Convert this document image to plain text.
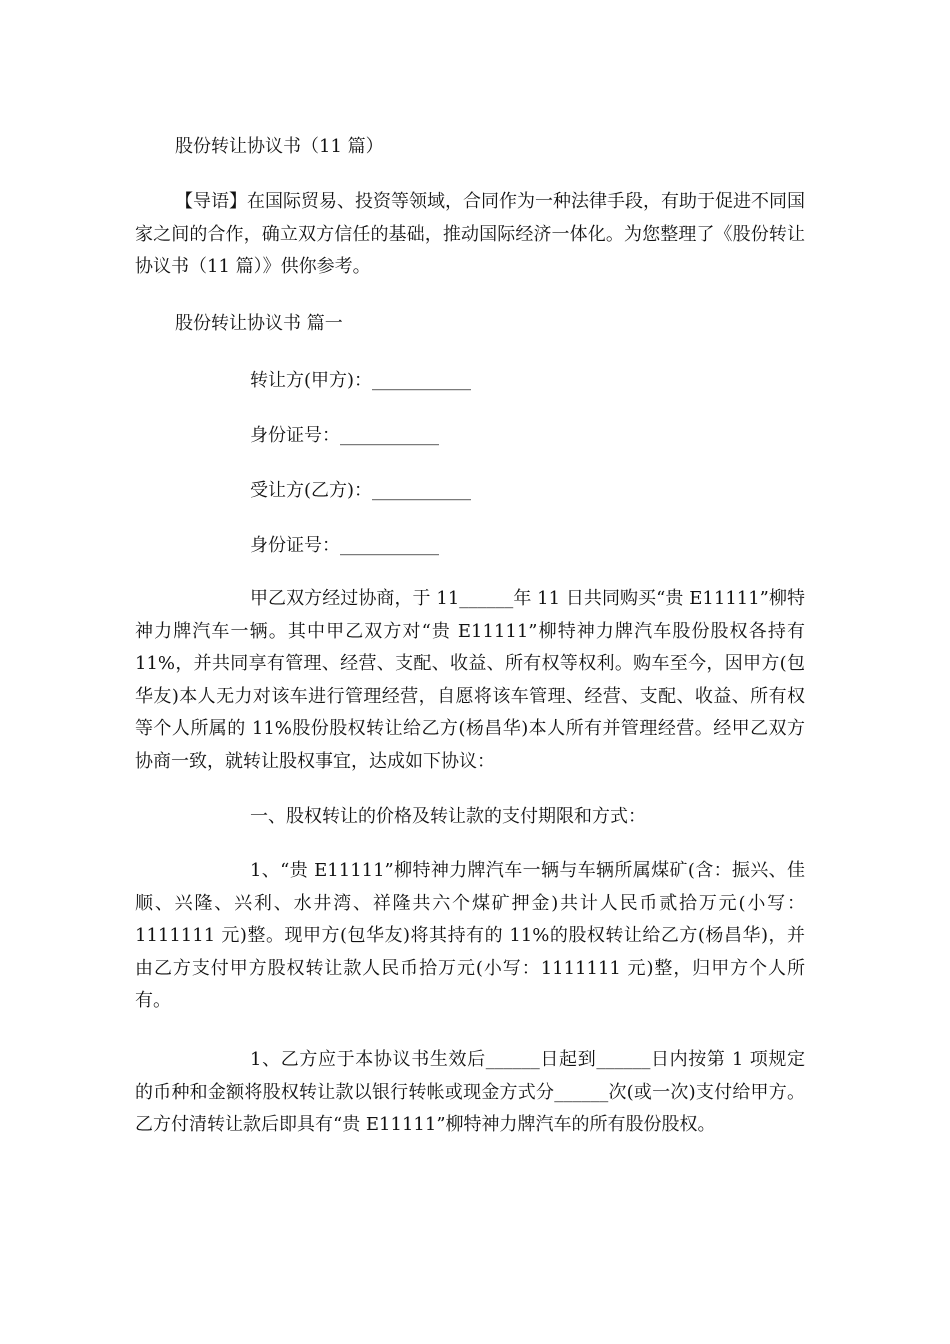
股份转让协议书（11 篇）

【导语】在国际贸易、投资等领域，合同作为一种法律手段，有助于促进不同国家之间的合作，确立双方信任的基础，推动国际经济一体化。为您整理了《股份转让协议书（11 篇）》供你参考。

股份转让协议书 篇一
转让方(甲方)：___________
身份证号：___________
受让方(乙方)：___________
身份证号：___________

甲乙双方经过协商，于 11______年 11 日共同购买“贵 E11111”柳特神力牌汽车一辆。其中甲乙双方对“贵 E11111”柳特神力牌汽车股份股权各持有 11%，并共同享有管理、经营、支配、收益、所有权等权利。购车至今，因甲方(包华友)本人无力对该车进行管理经营，自愿将该车管理、经营、支配、收益、所有权等个人所属的 11%股份股权转让给乙方(杨昌华)本人所有并管理经营。经甲乙双方协商一致，就转让股权事宜，达成如下协议：

一、股权转让的价格及转让款的支付期限和方式：

1、“贵 E11111”柳特神力牌汽车一辆与车辆所属煤矿(含：振兴、佳顺、兴隆、兴利、水井湾、祥隆共六个煤矿押金)共计人民币贰拾万元(小写：1111111 元)整。现甲方(包华友)将其持有的 11%的股权转让给乙方(杨昌华)，并由乙方支付甲方股权转让款人民币拾万元(小写：1111111 元)整，归甲方个人所有。

1、乙方应于本协议书生效后______日起到______日内按第 1 项规定的币种和金额将股权转让款以银行转帐或现金方式分______次(或一次)支付给甲方。乙方付清转让款后即具有“贵 E11111”柳特神力牌汽车的所有股份股权。
